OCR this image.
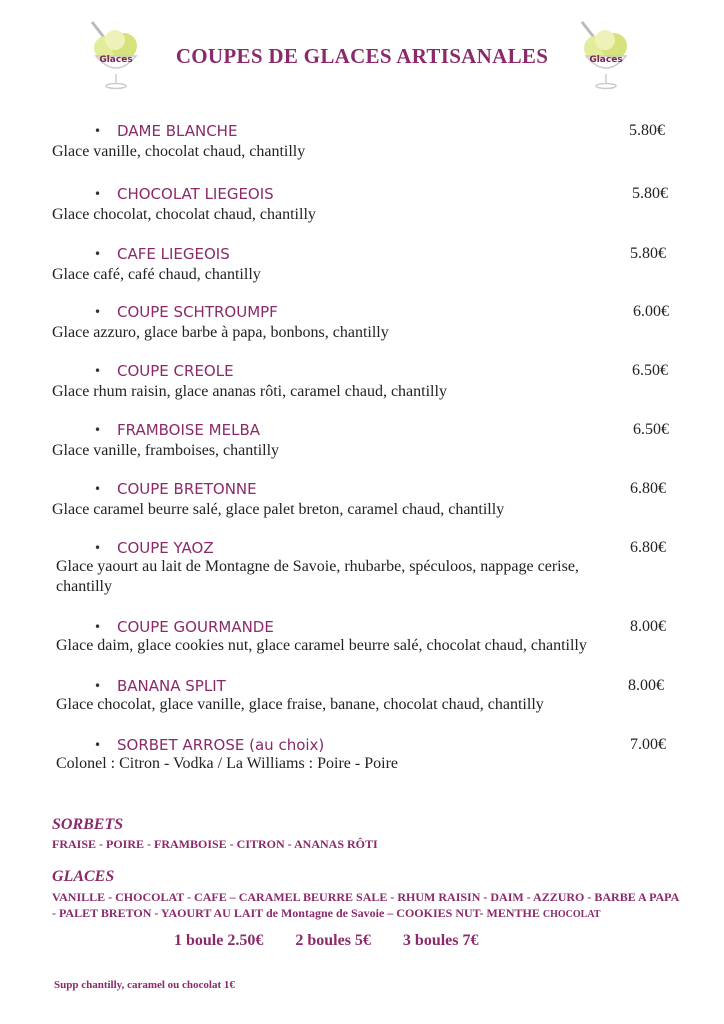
Glaces	Glaces
COUPES DE GLACES ARTISANALES
• DAME BLANCHE	5.80€
Glace vanille, chocolat chaud, chantilly
• CHOCOLAT LIEGEOIS	5.80€
Glace chocolat, chocolat chaud, chantilly
• CAFE LIEGEOIS	5.80€
Glace café, café chaud, chantilly
• COUPE SCHTROUMPF	6.00€
Glace azzuro, glace barbe à papa, bonbons, chantilly
• COUPE CREOLE	6.50€
Glace rhum raisin, glace ananas rôti, caramel chaud, chantilly
• FRAMBOISE MELBA	6.50€
Glace vanille, framboises, chantilly
• COUPE BRETONNE	6.80€
Glace caramel beurre salé, glace palet breton, caramel chaud, chantilly
• COUPE YAOZ	6.80€
Glace yaourt au lait de Montagne de Savoie, rhubarbe, spéculoos, nappage cerise, chantilly
• COUPE GOURMANDE	8.00€
Glace daim, glace cookies nut, glace caramel beurre salé, chocolat chaud, chantilly
• BANANA SPLIT	8.00€
Glace chocolat, glace vanille, glace fraise, banane, chocolat chaud, chantilly
• SORBET ARROSE (au choix)	7.00€
Colonel : Citron - Vodka / La Williams : Poire - Poire
SORBETS
FRAISE - POIRE - FRAMBOISE - CITRON - ANANAS RÔTI
GLACES
VANILLE - CHOCOLAT - CAFE – CARAMEL BEURRE SALE - RHUM RAISIN - DAIM - AZZURO - BARBE A PAPA - PALET BRETON - YAOURT AU LAIT de Montagne de Savoie – COOKIES NUT- MENTHE CHOCOLAT
1 boule 2.50€ 2 boules 5€ 3 boules 7€
Supp chantilly, caramel ou chocolat 1€
